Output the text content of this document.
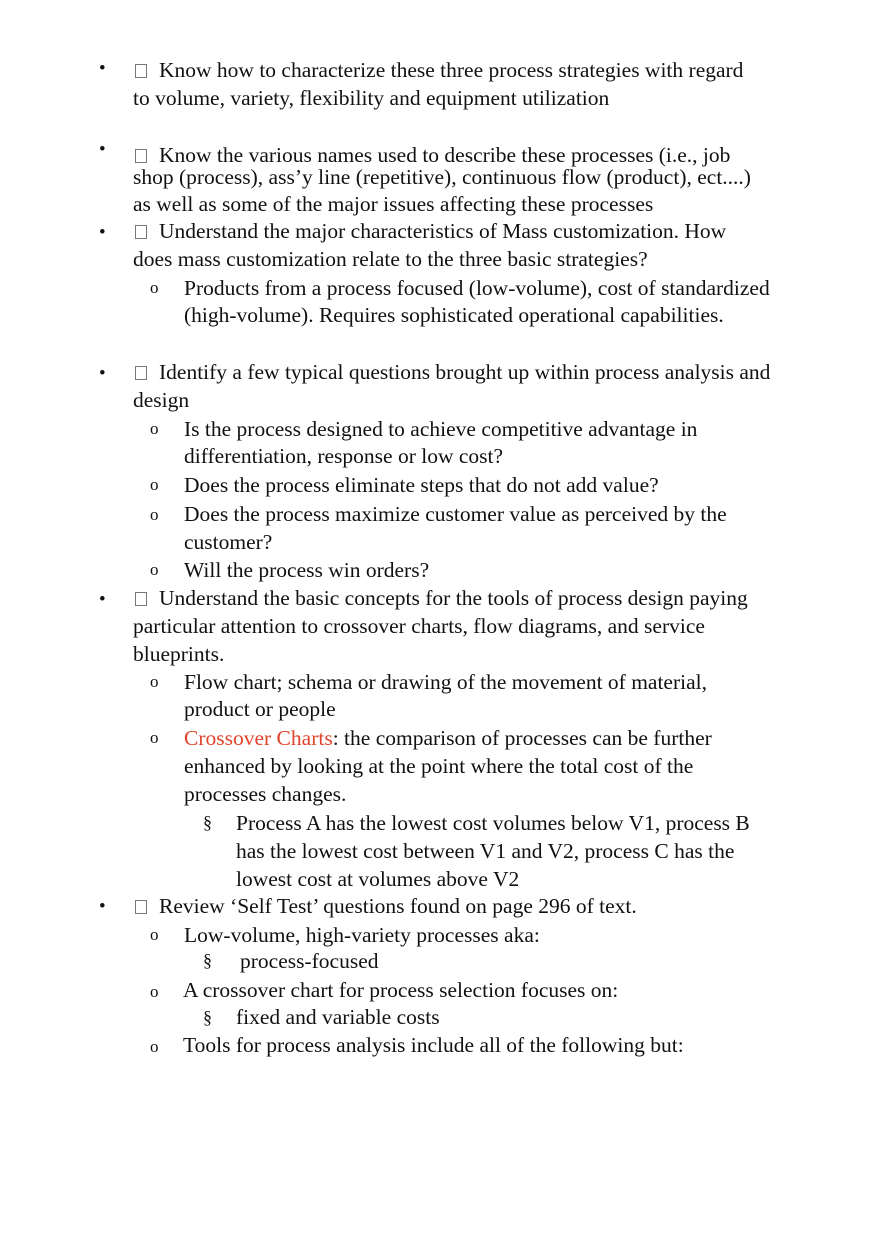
•	Know how to characterize these three process strategies with regard
to volume, variety, flexibility and equipment utilization
•	Know the various names used to describe these processes (i.e., job
shop (process), ass’y line (repetitive), continuous flow (product), ect....)
as well as some of the major issues affecting these processes
•	Understand the major characteristics of Mass customization. How
does mass customization relate to the three basic strategies?
o Products from a process focused (low-volume), cost of standardized
(high-volume). Requires sophisticated operational capabilities.
•	Identify a few typical questions brought up within process analysis and
design
o Is the process designed to achieve competitive advantage in
differentiation, response or low cost?
o Does the process eliminate steps that do not add value?
o Does the process maximize customer value as perceived by the
customer?
o Will the process win orders?
•	Understand the basic concepts for the tools of process design paying
particular attention to crossover charts, flow diagrams, and service
blueprints.
o Flow chart; schema or drawing of the movement of material,
product or people
o Crossover Charts: the comparison of processes can be further
enhanced by looking at the point where the total cost of the
processes changes.
§ Process A has the lowest cost volumes below V1, process B
has the lowest cost between V1 and V2, process C has the
lowest cost at volumes above V2
•	Review ‘Self Test’ questions found on page 296 of text.
o Low-volume, high-variety processes aka:
§ process-focused
o A crossover chart for process selection focuses on:
§ fixed and variable costs
o Tools for process analysis include all of the following but:
